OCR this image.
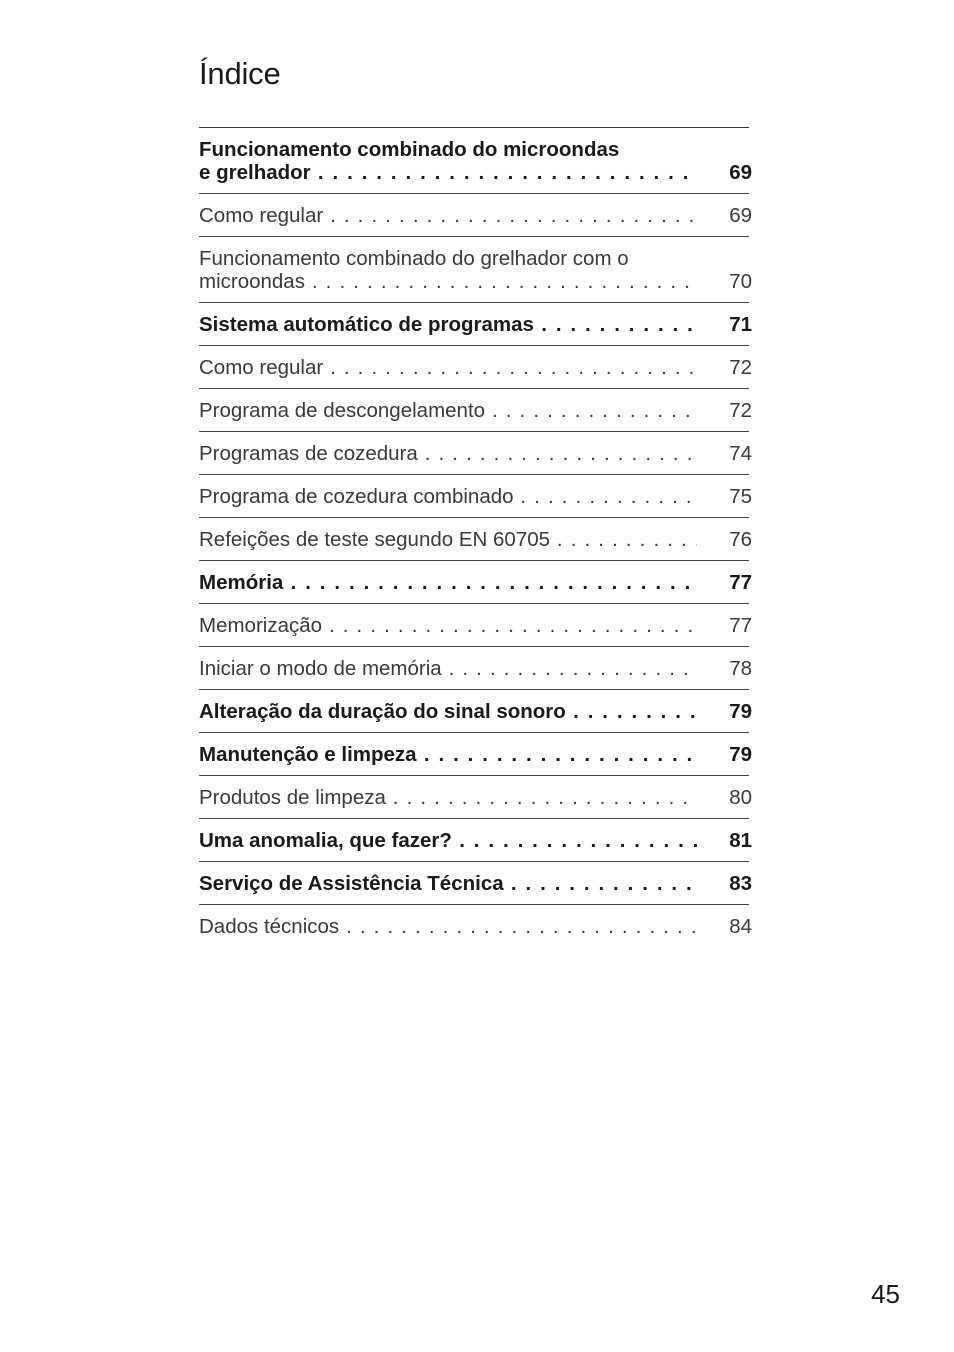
Índice
Funcionamento combinado do microondas
e grelhador . . .	69
Como regular . . .	69
Funcionamento combinado do grelhador com o
microondas . . .	70
Sistema automático de programas . . .	71
Como regular . . .	72
Programa de descongelamento . . .	72
Programas de cozedura . . .	74
Programa de cozedura combinado . . .	75
Refeições de teste segundo EN 60705 . . .	76
Memória . . .	77
Memorização . . .	77
Iniciar o modo de memória . . .	78
Alteração da duração do sinal sonoro . . .	79
Manutenção e limpeza . . .	79
Produtos de limpeza . . .	80
Uma anomalia, que fazer? . . .	81
Serviço de Assistência Técnica . . .	83
Dados técnicos . . .	84
45
